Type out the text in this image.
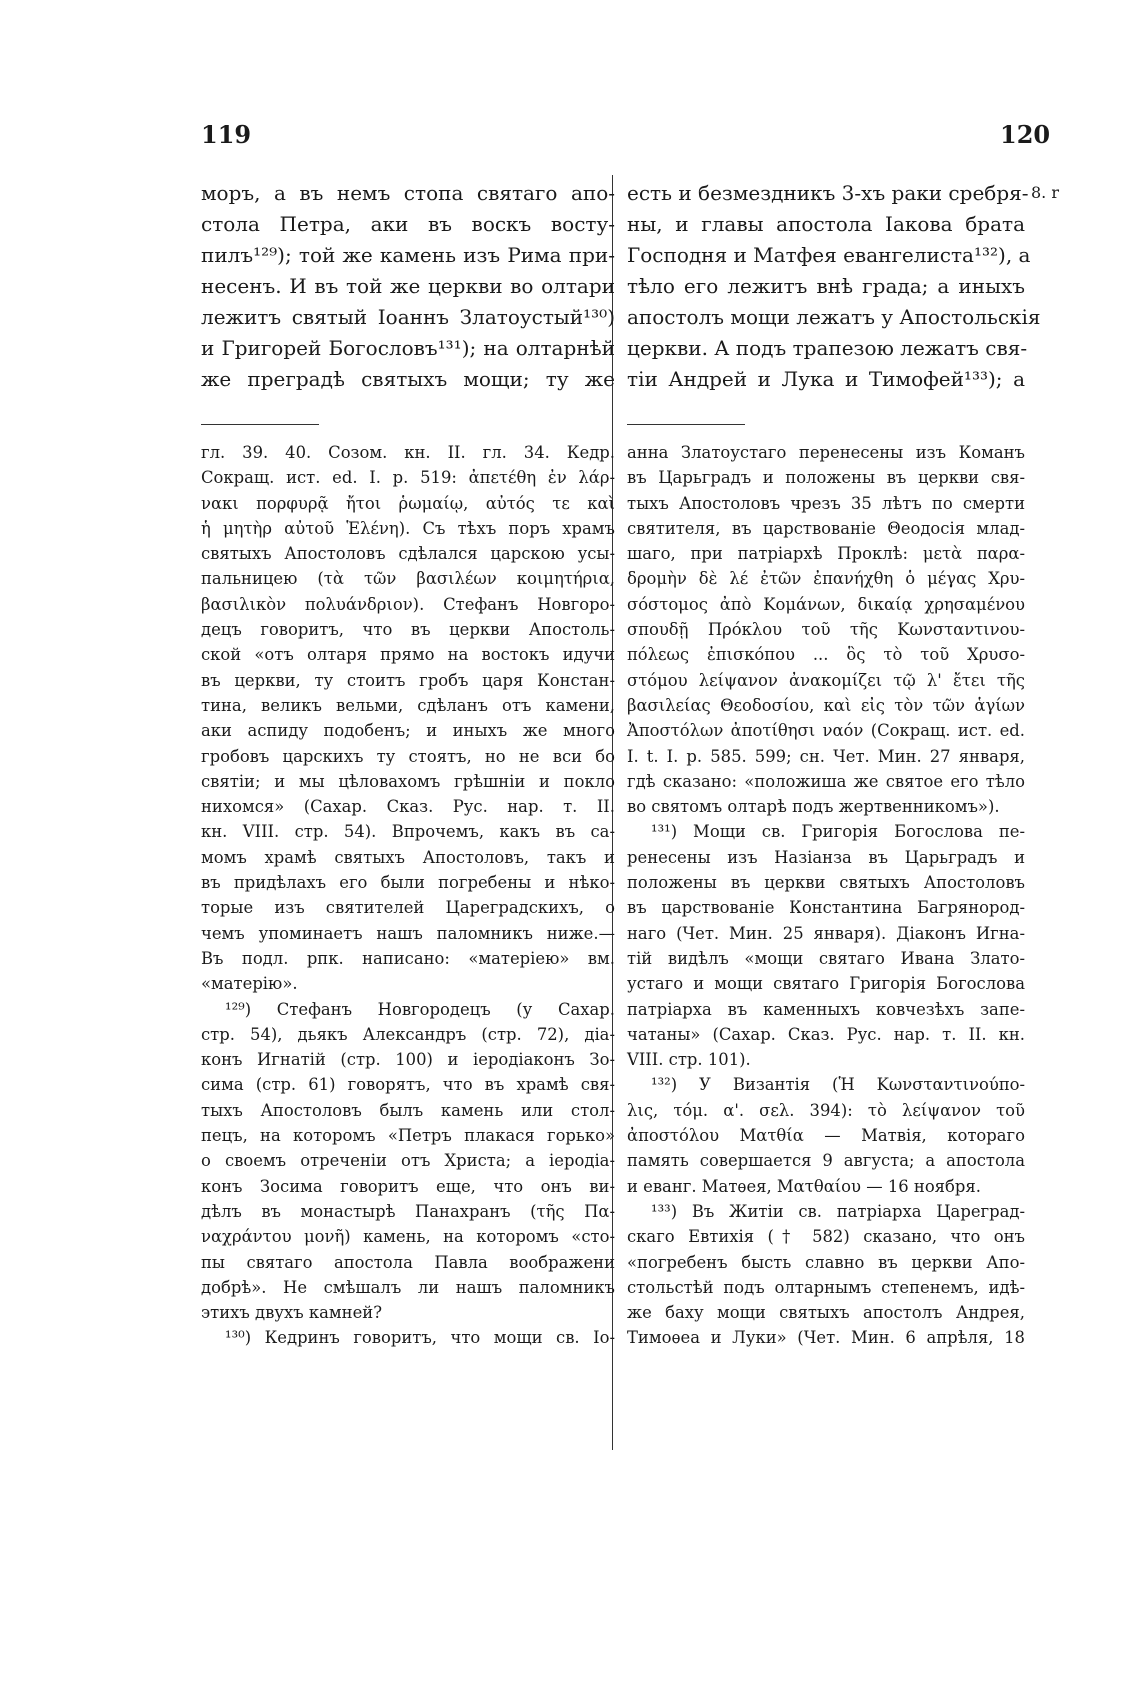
119	120
8. r
моръ, а въ немъ стопа святаго апо-
стола Петра, аки въ воскъ восту-
пилъ¹²⁹); той же камень изъ Рима при-
несенъ. И въ той же церкви во олтари
лежитъ святый Іоаннъ Златоустый¹³⁰)
и Григорей Богословъ¹³¹); на олтарнѣй
же преградѣ святыхъ мощи; ту же
гл. 39. 40. Созом. кн. II. гл. 34. Кедр.
Сокращ. ист. ed. I. p. 519: ἀπετέθη ἐν λάρ-
νακι πορφυρᾷ ἤτοι ῥωμαίῳ, αὐτός τε καὶ
ἡ μητὴρ αὐτοῦ Ἑλένη). Съ тѣхъ поръ храмъ
святыхъ Апостоловъ сдѣлался царскою усы-
пальницею (τὰ τῶν βασιλέων κοιμητήρια,
βασιλικὸν πολυάνδριον). Стефанъ Новгоро-
децъ говоритъ, что въ церкви Апостоль-
ской «отъ олтаря прямо на востокъ идучи
въ церкви, ту стоитъ гробъ царя Констан-
тина, великъ вельми, сдѣланъ отъ камени,
аки аспиду подобенъ; и иныхъ же много
гробовъ царскихъ ту стоятъ, но не вси бо
святіи; и мы цѣловахомъ грѣшніи и покло
нихомся» (Сахар. Сказ. Рус. нар. т. II.
кн. VIII. стр. 54). Впрочемъ, какъ въ са-
момъ храмѣ святыхъ Апостоловъ, такъ и
въ придѣлахъ его были погребены и нѣко-
торые изъ святителей Цареградскихъ, о
чемъ упоминаетъ нашъ паломникъ ниже.—
Въ подл. рпк. написано: «матеріею» вм.
«матерію».
¹²⁹) Стефанъ Новгородецъ (у Сахар.
стр. 54), дьякъ Александръ (стр. 72), діа-
конъ Игнатій (стр. 100) и іеродіаконъ Зо-
сима (стр. 61) говорятъ, что въ храмѣ свя-
тыхъ Апостоловъ былъ камень или стол-
пецъ, на которомъ «Петръ плакася горько»
о своемъ отреченіи отъ Христа; а іеродіа-
конъ Зосима говоритъ еще, что онъ ви-
дѣлъ въ монастырѣ Панахранъ (τῆς Πα-
ναχράντου μονῆ) камень, на которомъ «сто-
пы святаго апостола Павла воображени
добрѣ». Не смѣшалъ ли нашъ паломникъ
этихъ двухъ камней?
¹³⁰) Кедринъ говоритъ, что мощи св. Іо-
есть и безмездникъ 3-хъ раки сребря-
ны, и главы апостола Іакова брата
Господня и Матфея евангелиста¹³²), а
тѣло его лежитъ внѣ града; а иныхъ
апостолъ мощи лежатъ у Апостольскія
церкви. А подъ трапезою лежатъ свя-
тіи Андрей и Лука и Тимофей¹³³); а
анна Златоустаго перенесены изъ Команъ
въ Царьградъ и положены въ церкви свя-
тыхъ Апостоловъ чрезъ 35 лѣтъ по смерти
святителя, въ царствованіе Θеодосія млад-
шаго, при патріархѣ Проклѣ: μετὰ παρα-
δρομὴν δὲ λέ ἐτῶν ἐπανήχθη ὁ μέγας Χρυ-
σόστομος ἀπὸ Κομάνων, δικαίᾳ χρησαμένου
σπουδῇ Πρόκλου τοῦ τῆς Κωνσταντινου-
πόλεως ἐπισκόπου ... ὃς τὸ τοῦ Χρυσο-
στόμου λείψανον ἀνακομίζει τῷ λ' ἔτει τῆς
βασιλείας Θεοδοσίου, καὶ εἰς τὸν τῶν ἁγίων
Ἀποστόλων ἀποτίθησι ναόν (Сокращ. ист. ed.
I. t. I. p. 585. 599; сн. Чет. Мин. 27 января,
гдѣ сказано: «положиша же святое его тѣло
во святомъ олтарѣ подъ жертвенникомъ»).
¹³¹) Мощи св. Григорія Богослова пе-
ренесены изъ Назіанза въ Царьградъ и
положены въ церкви святыхъ Апостоловъ
въ царствованіе Константина Багрянород-
наго (Чет. Мин. 25 января). Діаконъ Игна-
тій видѣлъ «мощи святаго Ивана Злато-
устаго и мощи святаго Григорія Богослова
патріарха въ каменныхъ ковчезѣхъ запе-
чатаны» (Сахар. Сказ. Рус. нар. т. II. кн.
VIII. стр. 101).
¹³²) У Византія (Ἡ Κωνσταντινούπο-
λις, τόμ. α'. σελ. 394): τὸ λείψανον τοῦ
ἀποστόλου Ματθία — Матвія, котораго
память совершается 9 августа; а апостола
и еванг. Матѳея, Ματθαίου — 16 ноября.
¹³³) Въ Житіи св. патріарха Цареград-
скаго Евтихія († 582) сказано, что онъ
«погребенъ бысть славно въ церкви Апо-
стольстѣй подъ олтарнымъ степенемъ, идѣ-
же баху мощи святыхъ апостолъ Андрея,
Тимоѳеа и Луки» (Чет. Мин. 6 апрѣля, 18
